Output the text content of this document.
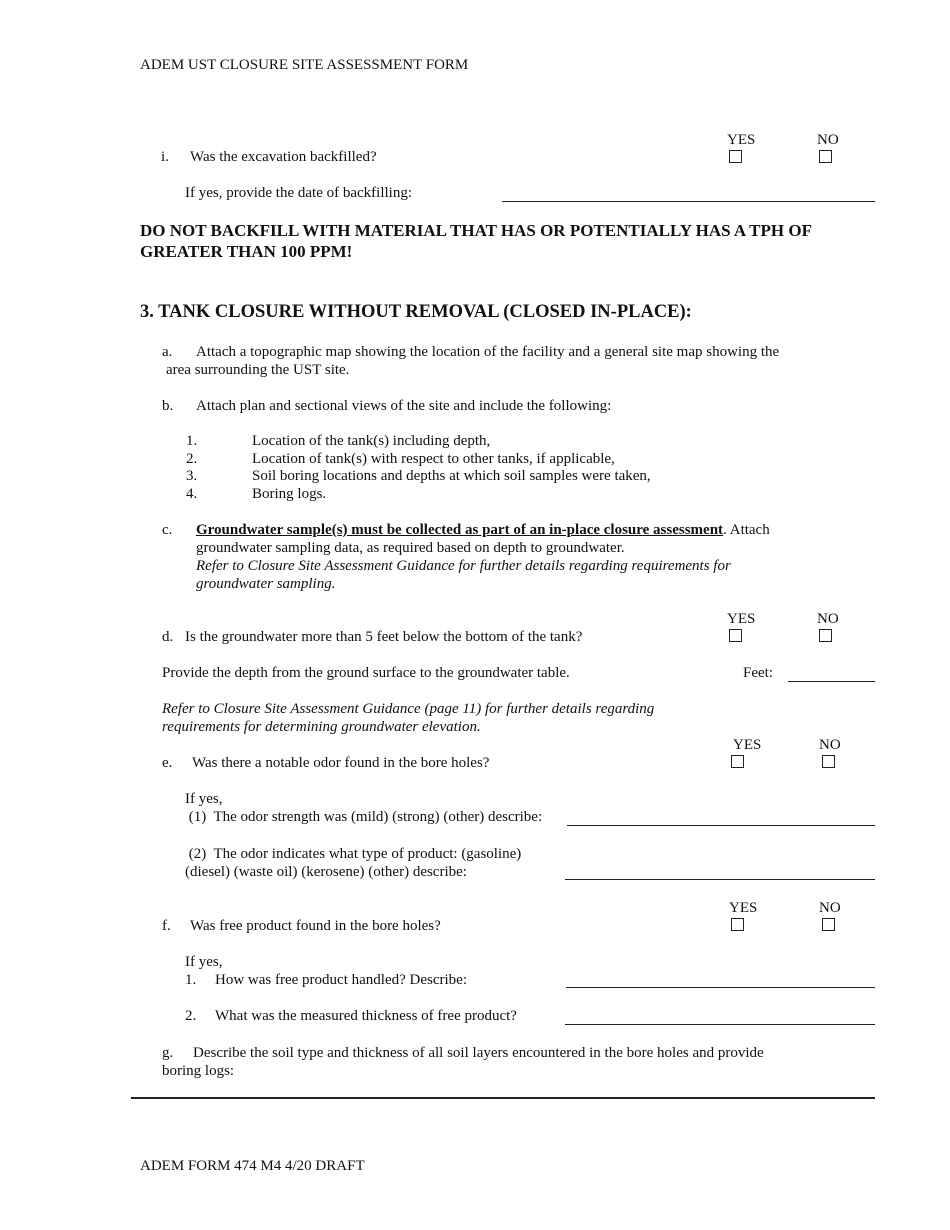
ADEM UST CLOSURE SITE ASSESSMENT FORM
YES	NO
i. Was the excavation backfilled?
If yes, provide the date of backfilling:
DO NOT BACKFILL WITH MATERIAL THAT HAS OR POTENTIALLY HAS A TPH OF GREATER THAN 100 PPM!
3. TANK CLOSURE WITHOUT REMOVAL (CLOSED IN-PLACE):
a. Attach a topographic map showing the location of the facility and a general site map showing the
area surrounding the UST site.
b. Attach plan and sectional views of the site and include the following:
1.	Location of the tank(s) including depth,
2.	Location of tank(s) with respect to other tanks, if applicable,
3.	Soil boring locations and depths at which soil samples were taken,
4.	Boring logs.
c. Groundwater sample(s) must be collected as part of an in-place closure assessment. Attach
groundwater sampling data, as required based on depth to groundwater.
Refer to Closure Site Assessment Guidance for further details regarding requirements for
groundwater sampling.
YES	NO
d. Is the groundwater more than 5 feet below the bottom of the tank?
Provide the depth from the ground surface to the groundwater table.	Feet:
Refer to Closure Site Assessment Guidance (page 11) for further details regarding
requirements for determining groundwater elevation.
YES	NO
e. Was there a notable odor found in the bore holes?
If yes,
(1)  The odor strength was (mild) (strong) (other) describe:
(2)  The odor indicates what type of product: (gasoline)
(diesel) (waste oil) (kerosene) (other) describe:
YES	NO
f. Was free product found in the bore holes?
If yes,
1. How was free product handled? Describe:
2. What was the measured thickness of free product?
g. Describe the soil type and thickness of all soil layers encountered in the bore holes and provide
boring logs:
ADEM FORM 474 M4 4/20 DRAFT
